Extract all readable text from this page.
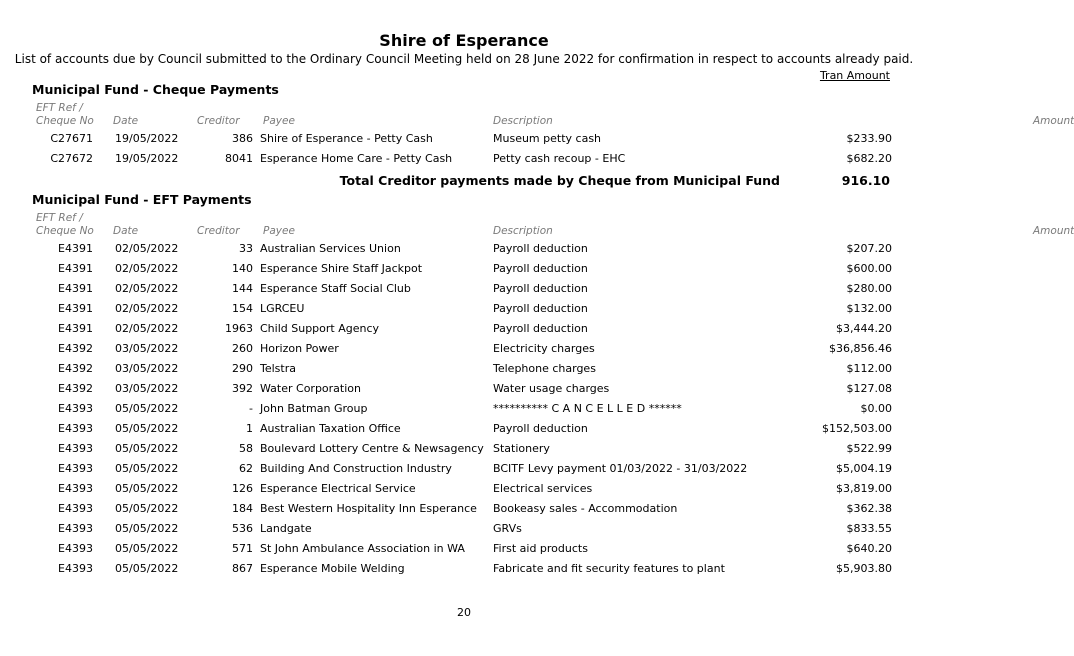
Shire of Esperance
List of accounts due by Council submitted to the Ordinary Council Meeting held on 28 June 2022 for confirmation in respect to accounts already paid.
Tran Amount
Municipal Fund - Cheque Payments
EFT Ref /					
Cheque No	Date	Creditor	Payee	Description	Amount
C27671	19/05/2022	386	Shire of Esperance - Petty Cash	Museum petty cash	$233.90
C27672	19/05/2022	8041	Esperance Home Care - Petty Cash	Petty cash recoup - EHC	$682.20
Total Creditor payments made by Cheque from Municipal Fund	916.10
Municipal Fund - EFT Payments
EFT Ref /					
Cheque No	Date	Creditor	Payee	Description	Amount
E4391	02/05/2022	33	Australian Services Union	Payroll deduction	$207.20
E4391	02/05/2022	140	Esperance Shire Staff Jackpot	Payroll deduction	$600.00
E4391	02/05/2022	144	Esperance Staff Social Club	Payroll deduction	$280.00
E4391	02/05/2022	154	LGRCEU	Payroll deduction	$132.00
E4391	02/05/2022	1963	Child Support Agency	Payroll deduction	$3,444.20
E4392	03/05/2022	260	Horizon Power	Electricity charges	$36,856.46
E4392	03/05/2022	290	Telstra	Telephone charges	$112.00
E4392	03/05/2022	392	Water Corporation	Water usage charges	$127.08
E4393	05/05/2022	-	John Batman Group	********** C A N C E L L E D ******	$0.00
E4393	05/05/2022	1	Australian Taxation Office	Payroll deduction	$152,503.00
E4393	05/05/2022	58	Boulevard Lottery Centre & Newsagency	Stationery	$522.99
E4393	05/05/2022	62	Building And Construction Industry	BCITF Levy payment 01/03/2022 - 31/03/2022	$5,004.19
E4393	05/05/2022	126	Esperance Electrical Service	Electrical services	$3,819.00
E4393	05/05/2022	184	Best Western Hospitality Inn Esperance	Bookeasy sales - Accommodation	$362.38
E4393	05/05/2022	536	Landgate	GRVs	$833.55
E4393	05/05/2022	571	St John Ambulance Association in WA	First aid products	$640.20
E4393	05/05/2022	867	Esperance Mobile Welding	Fabricate and fit security features to plant	$5,903.80
20
